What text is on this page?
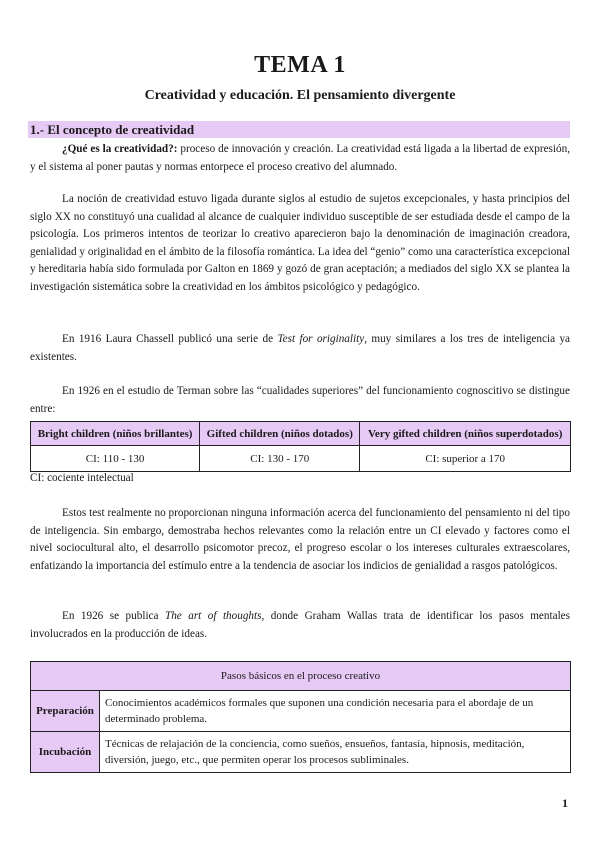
TEMA 1
Creatividad y educación. El pensamiento divergente
1.- El concepto de creatividad

¿Qué es la creatividad?: proceso de innovación y creación. La creatividad está ligada a la libertad de expresión, y el sistema al poner pautas y normas entorpece el proceso creativo del alumnado.

La noción de creatividad estuvo ligada durante siglos al estudio de sujetos excepcionales, y hasta principios del siglo XX no constituyó una cualidad al alcance de cualquier individuo susceptible de ser estudiada desde el campo de la psicología. Los primeros intentos de teorizar lo creativo aparecieron bajo la denominación de imaginación creadora, genialidad y originalidad en el ámbito de la filosofía romántica. La idea del “genio” como una característica excepcional y hereditaria había sido formulada por Galton en 1869 y gozó de gran aceptación; a mediados del siglo XX se plantea la investigación sistemática sobre la creatividad en los ámbitos psicológico y pedagógico.

En 1916 Laura Chassell publicó una serie de Test for originality, muy similares a los tres de inteligencia ya existentes.

En 1926 en el estudio de Terman sobre las “cualidades superiores” del funcionamiento cognoscitivo se distingue entre:

Bright children (niños brillantes)	Gifted children (niños dotados)	Very gifted children (niños superdotados)
CI: 110 - 130	CI: 130 - 170	CI: superior a 170
CI: cociente intelectual

Estos test realmente no proporcionan ninguna información acerca del funcionamiento del pensamiento ni del tipo de inteligencia. Sin embargo, demostraba hechos relevantes como la relación entre un CI elevado y factores como el nivel sociocultural alto, el desarrollo psicomotor precoz, el progreso escolar o los intereses culturales extraescolares, enfatizando la importancia del estímulo entre a la tendencia de asociar los indicios de genialidad a rasgos patológicos.

En 1926 se publica The art of thoughts, donde Graham Wallas trata de identificar los pasos mentales involucrados en la producción de ideas.

Pasos básicos en el proceso creativo	
Preparación	Conocimientos académicos formales que suponen una condición necesaria para el abordaje de un determinado problema.
Incubación	Técnicas de relajación de la conciencia, como sueños, ensueños, fantasía, hipnosis, meditación, diversión, juego, etc., que permiten operar los procesos subliminales.
1
